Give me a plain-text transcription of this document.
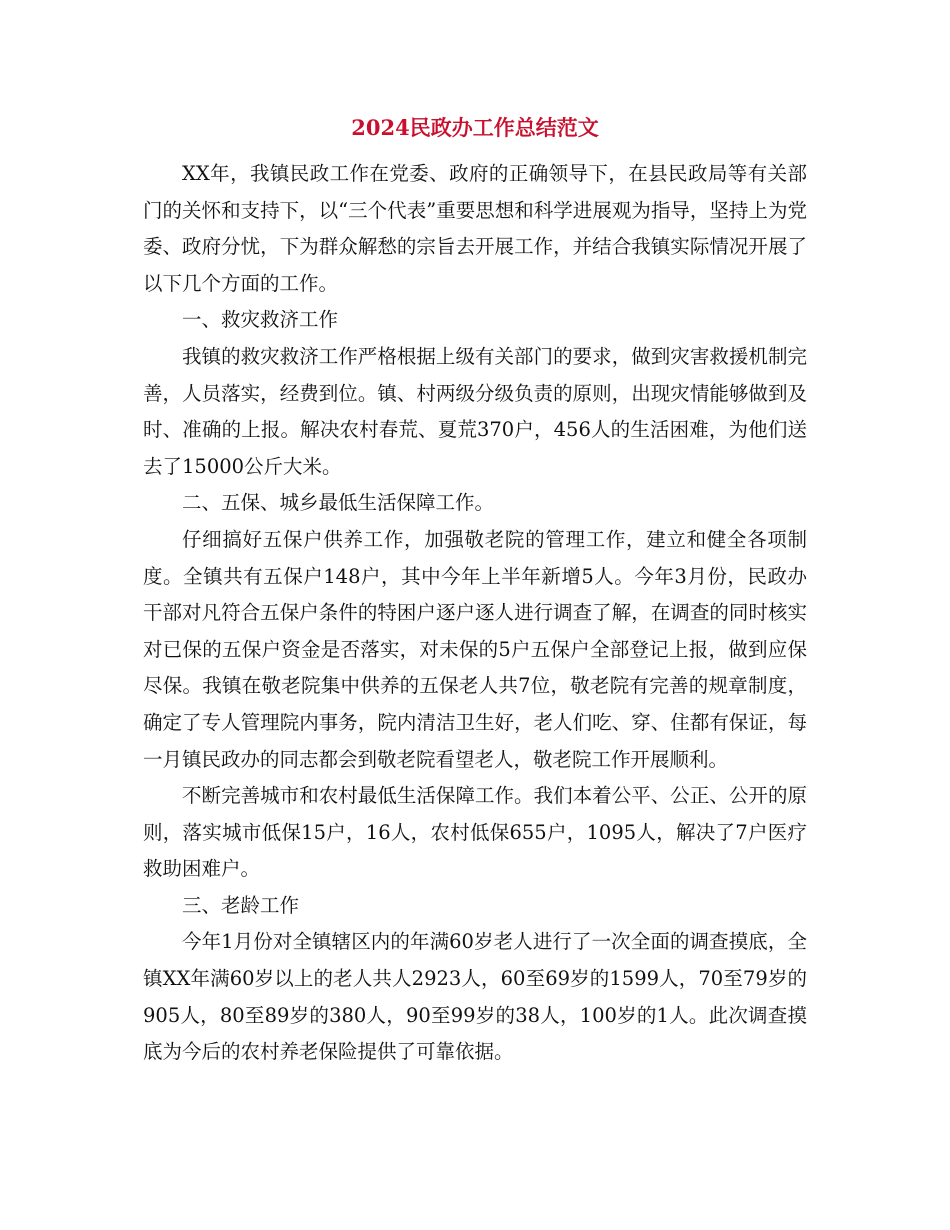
2024民政办工作总结范文

XX年，我镇民政工作在党委、政府的正确领导下，在县民政局等有关部门的关怀和支持下，以“三个代表”重要思想和科学进展观为指导，坚持上为党委、政府分忧，下为群众解愁的宗旨去开展工作，并结合我镇实际情况开展了以下几个方面的工作。

一、救灾救济工作

我镇的救灾救济工作严格根据上级有关部门的要求，做到灾害救援机制完善，人员落实，经费到位。镇、村两级分级负责的原则，出现灾情能够做到及时、准确的上报。解决农村春荒、夏荒370户，456人的生活困难，为他们送去了15000公斤大米。

二、五保、城乡最低生活保障工作。

仔细搞好五保户供养工作，加强敬老院的管理工作，建立和健全各项制度。全镇共有五保户148户，其中今年上半年新增5人。今年3月份，民政办干部对凡符合五保户条件的特困户逐户逐人进行调查了解，在调查的同时核实对已保的五保户资金是否落实，对未保的5户五保户全部登记上报，做到应保尽保。我镇在敬老院集中供养的五保老人共7位，敬老院有完善的规章制度，确定了专人管理院内事务，院内清洁卫生好，老人们吃、穿、住都有保证，每一月镇民政办的同志都会到敬老院看望老人，敬老院工作开展顺利。

不断完善城市和农村最低生活保障工作。我们本着公平、公正、公开的原则，落实城市低保15户，16人，农村低保655户，1095人，解决了7户医疗救助困难户。

三、老龄工作

今年1月份对全镇辖区内的年满60岁老人进行了一次全面的调查摸底，全镇XX年满60岁以上的老人共人2923人，60至69岁的1599人，70至79岁的905人，80至89岁的380人，90至99岁的38人，100岁的1人。此次调查摸底为今后的农村养老保险提供了可靠依据。
